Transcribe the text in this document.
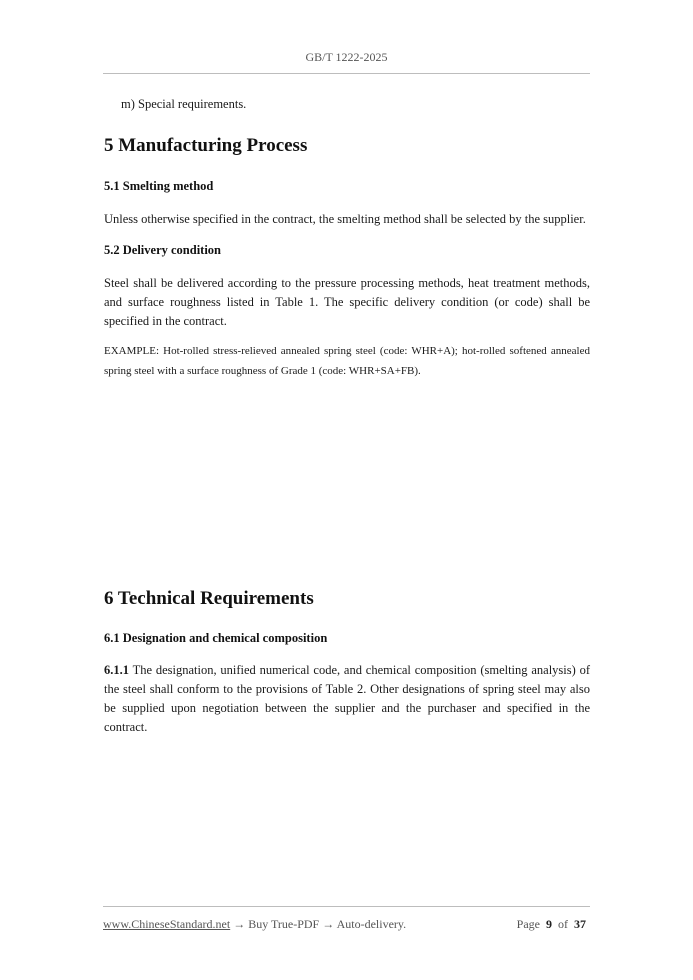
GB/T 1222-2025
m) Special requirements.
5 Manufacturing Process
5.1 Smelting method
Unless otherwise specified in the contract, the smelting method shall be selected by the supplier.
5.2 Delivery condition
Steel shall be delivered according to the pressure processing methods, heat treatment methods, and surface roughness listed in Table 1. The specific delivery condition (or code) shall be specified in the contract.
EXAMPLE: Hot-rolled stress-relieved annealed spring steel (code: WHR+A); hot-rolled softened annealed spring steel with a surface roughness of Grade 1 (code: WHR+SA+FB).
6 Technical Requirements
6.1 Designation and chemical composition
6.1.1 The designation, unified numerical code, and chemical composition (smelting analysis) of the steel shall conform to the provisions of Table 2. Other designations of spring steel may also be supplied upon negotiation between the supplier and the purchaser and specified in the contract.
www.ChineseStandard.net → Buy True-PDF → Auto-delivery.	Page 9 of 37
